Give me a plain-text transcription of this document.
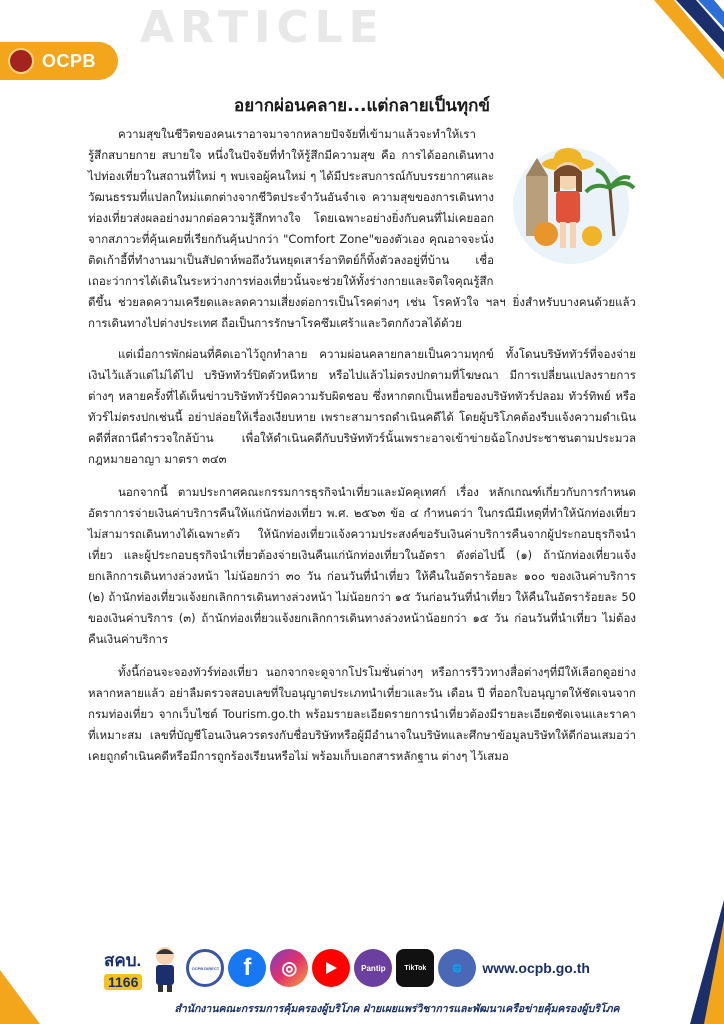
ARTICLE
OCPB
อยากผ่อนคลาย...แต่กลายเป็นทุกข์

ความสุขในชีวิตของคนเราอาจมาจากหลายปัจจัยที่เข้ามาแล้วจะทำให้เรารู้สึกสบายกาย สบายใจ หนึ่งในปัจจัยที่ทำให้รู้สึกมีความสุข คือ การได้ออกเดินทางไปท่องเที่ยวในสถานที่ใหม่ ๆ พบเจอผู้คนใหม่ ๆ ได้มีประสบการณ์กับบรรยากาศและวัฒนธรรมที่แปลกใหม่แตกต่างจากชีวิตประจำวันอันจำเจ ความสุขของการเดินทางท่องเที่ยวส่งผลอย่างมากต่อความรู้สึกทางใจ โดยเฉพาะอย่างยิ่งกับคนที่ไม่เคยออกจากสภาวะที่คุ้นเคยที่เรียกกันคุ้นปากว่า "Comfort Zone"ของตัวเอง คุณอาจจะนั่งติดเก้าอี้ที่ทำงานมาเป็นสัปดาห์พอถึงวันหยุดเสาร์อาทิตย์ก็ทิ้งตัวลงอยู่ที่บ้าน เชื่อเถอะว่าการได้เดินในระหว่างการท่องเที่ยวนั้นจะช่วยให้ทั้งร่างกายและจิตใจคุณรู้สึกดีขึ้น ช่วยลดความเครียดและลดความเสี่ยงต่อการเป็นโรคต่างๆ เช่น โรคหัวใจ ฯลฯ ยิ่งสำหรับบางคนด้วยแล้วการเดินทางไปต่างประเทศ ถือเป็นการรักษาโรคซึมเศร้าและวิตกกังวลได้ด้วย

แต่เมื่อการพักผ่อนที่คิดเอาไว้ถูกทำลาย ความผ่อนคลายกลายเป็นความทุกข์ ทั้งโดนบริษัททัวร์ที่จองจ่ายเงินไว้แล้วแต่ไม่ได้ไป บริษัททัวร์ปิดตัวหนีหาย หรือไปแล้วไม่ตรงปกตามที่โฆษณา มีการเปลี่ยนแปลงรายการต่างๆ หลายครั้งที่ได้เห็นข่าวบริษัททัวร์ปัดความรับผิดชอบ ซึ่งหากตกเป็นเหยื่อของบริษัททัวร์ปลอม ทัวร์ทิพย์ หรือทัวร์ไม่ตรงปกเช่นนี้ อย่าปล่อยให้เรื่องเงียบหาย เพราะสามารถดำเนินคดีได้ โดยผู้บริโภคต้องรีบแจ้งความดำเนินคดีที่สถานีตำรวจใกล้บ้าน เพื่อให้ดำเนินคดีกับบริษัททัวร์นั้นเพราะอาจเข้าข่ายฉ้อโกงประชาชนตามประมวลกฎหมายอาญา มาตรา ๓๔๓

นอกจากนี้ ตามประกาศคณะกรรมการธุรกิจนำเที่ยวและมัคคุเทศก์ เรื่อง หลักเกณฑ์เกี่ยวกับการกำหนดอัตราการจ่ายเงินค่าบริการคืนให้แก่นักท่องเที่ยว พ.ศ. ๒๕๖๓ ข้อ ๔ กำหนดว่า ในกรณีมีเหตุที่ทำให้นักท่องเที่ยวไม่สามารถเดินทางได้เฉพาะตัว ให้นักท่องเที่ยวแจ้งความประสงค์ขอรับเงินค่าบริการคืนจากผู้ประกอบธุรกิจนำเที่ยว และผู้ประกอบธุรกิจนำเที่ยวต้องจ่ายเงินคืนแก่นักท่องเที่ยวในอัตรา ดังต่อไปนี้ (๑) ถ้านักท่องเที่ยวแจ้งยกเลิกการเดินทางล่วงหน้า ไม่น้อยกว่า ๓๐ วัน ก่อนวันที่นำเที่ยว ให้คืนในอัตราร้อยละ ๑๐๐ ของเงินค่าบริการ (๒) ถ้านักท่องเที่ยวแจ้งยกเลิกการเดินทางล่วงหน้า ไม่น้อยกว่า ๑๕ วันก่อนวันที่นำเที่ยว ให้คืนในอัตราร้อยละ 50 ของเงินค่าบริการ (๓) ถ้านักท่องเที่ยวแจ้งยกเลิกการเดินทางล่วงหน้าน้อยกว่า ๑๕ วัน ก่อนวันที่นำเที่ยว ไม่ต้องคืนเงินค่าบริการ

ทั้งนี้ก่อนจะจองทัวร์ท่องเที่ยว นอกจากจะดูจากโปรโมชั่นต่างๆ หรือการรีวิวทางสื่อต่างๆที่มีให้เลือกดูอย่างหลากหลายแล้ว อย่าลืมตรวจสอบเลขที่ใบอนุญาตประเภทนำเที่ยวและวัน เดือน ปี ที่ออกใบอนุญาตให้ชัดเจนจากกรมท่องเที่ยว จากเว็บไซต์ Tourism.go.th พร้อมรายละเอียดรายการนำเที่ยวต้องมีรายละเอียดชัดเจนและราคาที่เหมาะสม เลขที่บัญชีโอนเงินควรตรงกับชื่อบริษัทหรือผู้มีอำนาจในบริษัทและศึกษาข้อมูลบริษัทให้ดีก่อนเสมอว่าเคยถูกดำเนินคดีหรือมีการถูกร้องเรียนหรือไม่ พร้อมเก็บเอกสารหลักฐาน ต่างๆ ไว้เสมอ

สคบ.
1166
OCPB DIRECT	f	◎	Pantip	TikTok	🌐	www.ocpb.go.th
สำนักงานคณะกรรมการคุ้มครองผู้บริโภค ฝ่ายเผยแพร่วิชาการและพัฒนาเครือข่ายคุ้มครองผู้บริโภค
